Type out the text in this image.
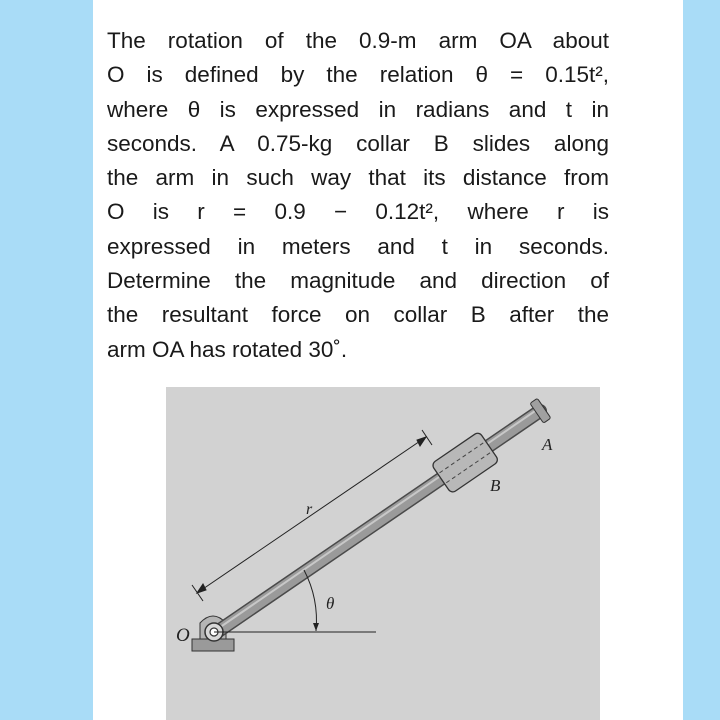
The rotation of the 0.9-m arm OA about
O is defined by the relation θ = 0.15t²,
where θ is expressed in radians and t in
seconds. A 0.75-kg collar B slides along
the arm in such way that its distance from
O is r = 0.9 − 0.12t², where r is
expressed in meters and t in seconds.
Determine the magnitude and direction of
the resultant force on collar B after the
arm OA has rotated 30˚.
O
A
B
r
θ
